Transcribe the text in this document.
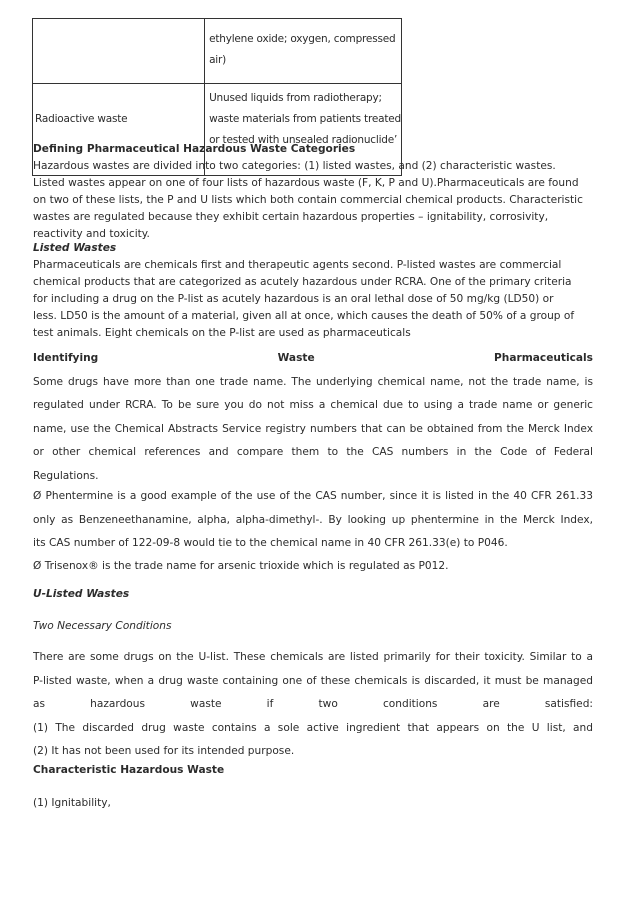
	ethylene oxide; oxygen, compressed
air)

Radioactive waste	Unused liquids from radiotherapy;
waste materials from patients treated
or tested with unsealed radionuclide’
Defining Pharmaceutical Hazardous Waste Categories
Hazardous wastes are divided into two categories: (1) listed wastes, and (2) characteristic wastes.
Listed wastes appear on one of four lists of hazardous waste (F, K, P and U).Pharmaceuticals are found
on two of these lists, the P and U lists which both contain commercial chemical products. Characteristic
wastes are regulated because they exhibit certain hazardous properties – ignitability, corrosivity,
reactivity and toxicity.
Listed Wastes
Pharmaceuticals are chemicals first and therapeutic agents second. P-listed wastes are commercial
chemical products that are categorized as acutely hazardous under RCRA. One of the primary criteria
for including a drug on the P-list as acutely hazardous is an oral lethal dose of 50 mg/kg (LD50) or
less. LD50 is the amount of a material, given all at once, which causes the death of 50% of a group of
test animals. Eight chemicals on the P-list are used as pharmaceuticals
Identifying	Waste	Pharmaceuticals
Some drugs have more than one trade name. The underlying chemical name, not the trade name, is
regulated under RCRA. To be sure you do not miss a chemical due to using a trade name or generic
name, use the Chemical Abstracts Service registry numbers that can be obtained from the Merck Index
or other chemical references and compare them to the CAS numbers in the Code of Federal
Regulations.
Ø Phentermine is a good example of the use of the CAS number, since it is listed in the 40 CFR 261.33
only as Benzeneethanamine, alpha, alpha-dimethyl-. By looking up phentermine in the Merck Index,
its CAS number of 122-09-8 would tie to the chemical name in 40 CFR 261.33(e) to P046.
Ø Trisenox® is the trade name for arsenic trioxide which is regulated as P012.
U-Listed Wastes
Two Necessary Conditions
There are some drugs on the U-list. These chemicals are listed primarily for their toxicity. Similar to a
P-listed waste, when a drug waste containing one of these chemicals is discarded, it must be managed
as	hazardous	waste	if	two	conditions	are	satisfied:
(1) The discarded drug waste contains a sole active ingredient that appears on the U list, and
(2) It has not been used for its intended purpose.
Characteristic Hazardous Waste
(1) Ignitability,
